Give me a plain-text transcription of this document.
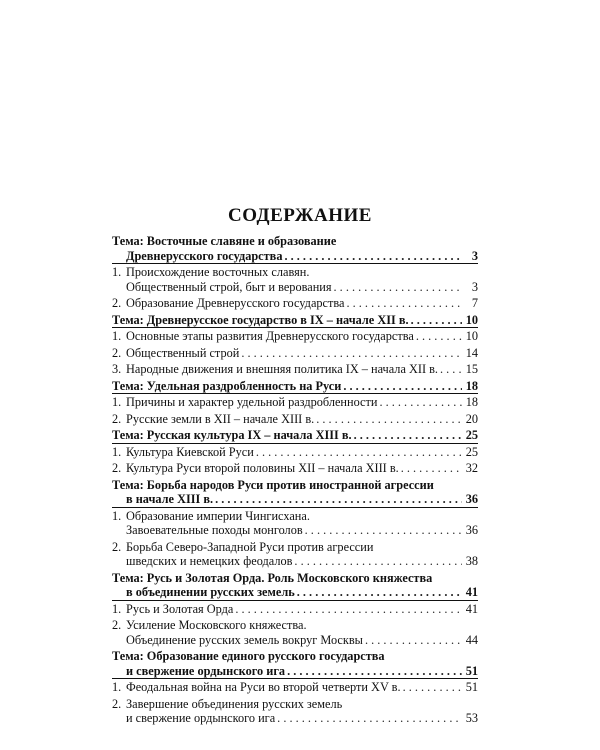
СОДЕРЖАНИЕ
Тема: Восточные славяне и образование
Древнерусского государства . . .	3
1. Происхождение восточных славян.
Общественный строй, быт и верования . . .	3
2. Образование Древнерусского государства . . .	7
Тема: Древнерусское государство в IX – начале XII в. . . .	10
1. Основные этапы развития Древнерусского государства . . .	10
2. Общественный строй . . .	14
3. Народные движения и внешняя политика IX – начала XII в. . . . 15
Тема: Удельная раздробленность на Руси . . .	18
1. Причины и характер удельной раздробленности . . .	18
2. Русские земли в XII – начале XIII в. . . .	20
Тема: Русская культура IX – начала XIII в. . . .	25
1. Культура Киевской Руси . . .	25
2. Культура Руси второй половины XII – начала XIII в. . . .	32
Тема: Борьба народов Руси против иностранной агрессии
в начале XIII в. . . .	36
1. Образование империи Чингисхана.
Завоевательные походы монголов . . .	36
2. Борьба Северо-Западной Руси против агрессии
шведских и немецких феодалов . . .	38
Тема: Русь и Золотая Орда. Роль Московского княжества
в объединении русских земель . . .	41
1. Русь и Золотая Орда . . .	41
2. Усиление Московского княжества.
Объединение русских земель вокруг Москвы . . .	44
Тема: Образование единого русского государства
и свержение ордынского ига . . .	51
1. Феодальная война на Руси во второй четверти XV в. . . .	51
2. Завершение объединения русских земель
и свержение ордынского ига . . .	53
